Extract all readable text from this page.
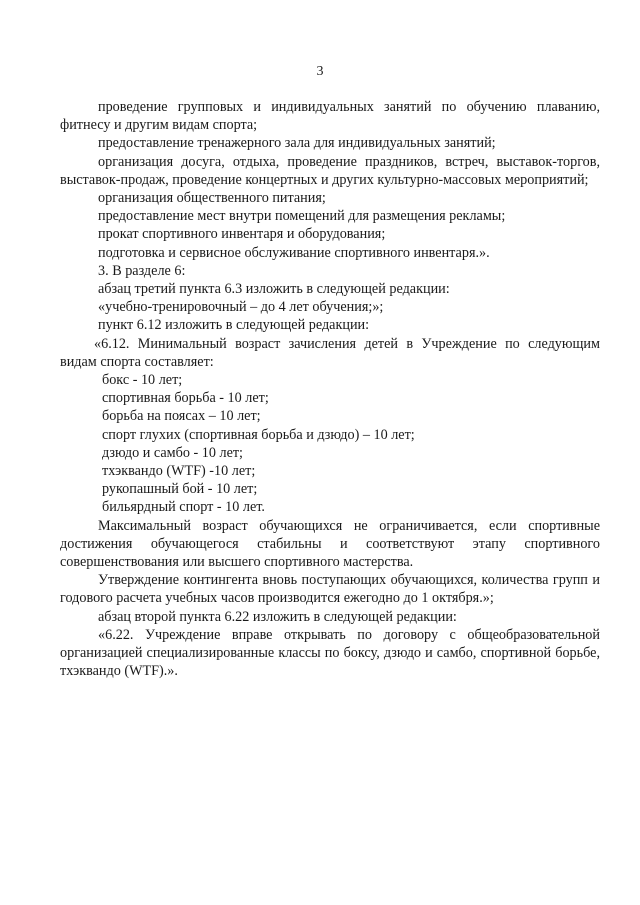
3

проведение групповых и индивидуальных занятий по обучению плаванию, фитнесу и другим видам спорта;

предоставление тренажерного зала для индивидуальных занятий;

организация досуга, отдыха, проведение праздников, встреч, выставок-торгов, выставок-продаж, проведение концертных и других культурно-массовых мероприятий;

организация общественного питания;

предоставление мест внутри помещений для размещения рекламы;

прокат спортивного инвентаря и оборудования;

подготовка и сервисное обслуживание спортивного инвентаря.».

3. В разделе 6:

абзац третий пункта 6.3 изложить в следующей редакции:

«учебно-тренировочный – до 4 лет обучения;»;

пункт 6.12 изложить в следующей редакции:

«6.12. Минимальный возраст зачисления детей в Учреждение по следующим видам спорта составляет:

бокс - 10 лет;

спортивная борьба - 10 лет;

борьба на поясах – 10 лет;

спорт глухих (спортивная борьба и дзюдо) – 10 лет;

дзюдо и самбо - 10 лет;

тхэквандо (WTF) -10 лет;

рукопашный бой - 10 лет;

бильярдный спорт - 10 лет.

Максимальный возраст обучающихся не ограничивается, если спортивные достижения обучающегося стабильны и соответствуют этапу спортивного совершенствования или высшего спортивного мастерства.

Утверждение контингента вновь поступающих обучающихся, количества групп и годового расчета учебных часов производится ежегодно до 1 октября.»;

абзац второй пункта 6.22 изложить в следующей редакции:

«6.22. Учреждение вправе открывать по договору с общеобразовательной организацией специализированные классы по боксу, дзюдо и самбо, спортивной борьбе, тхэквандо (WTF).».
